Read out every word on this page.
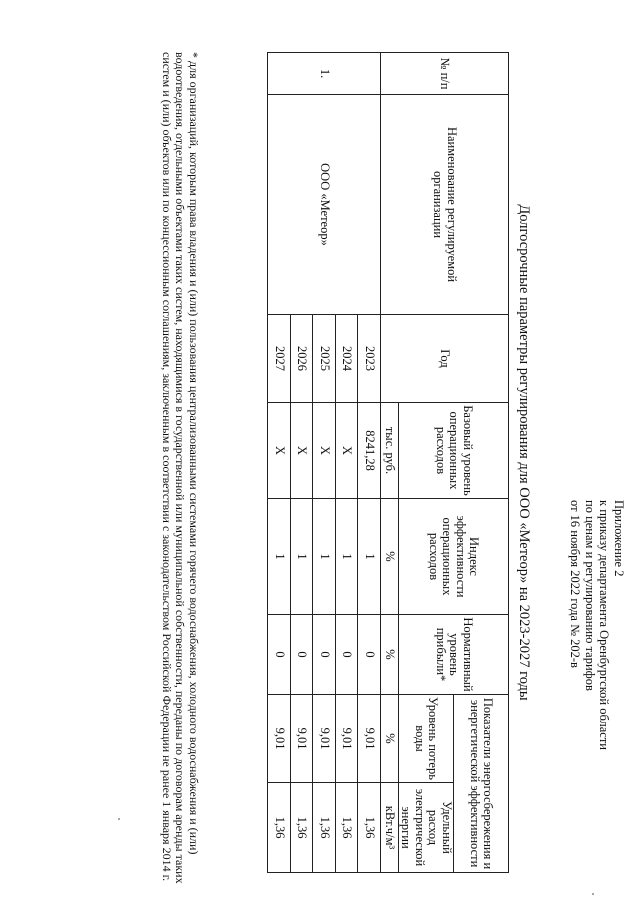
Приложение 2
к приказу департамента Оренбургской области
по ценам и регулированию тарифов
от 16 ноября 2022 года № 202-в
Долгосрочные параметры регулирования для ООО «Метеор» на 2023-2027 годы
№ п/п	Наименование регулируемой организации	Год	Базовый уровень операционных расходов	Индекс эффективности операционных расходов	Нормативный уровень прибыли*	Показатели энергосбережения и энергетической эффективности	
						Уровень потерь воды	Удельный расход электрической энергии
			тыс. руб.	%	%	%	кВт.ч/м³
1.	ООО «Метеор»	2023	8241,28	1	0	9,01	1,36
		2024	X	1	0	9,01	1,36
		2025	X	1	0	9,01	1,36
		2026	X	1	0	9,01	1,36
		2027	X	1	0	9,01	1,36
* для организаций, которым права владения и (или) пользования централизованными системами горячего водоснабжения, холодного водоснабжения и (или)
водоотведения, отдельными объектами таких систем, находящимися в государственной или муниципальной собственности, переданы по договорам аренды таких
систем и (или) объектов или по концессионным соглашениям, заключенным в соответствии с законодательством Российской Федерации не ранее 1 января 2014 г.
